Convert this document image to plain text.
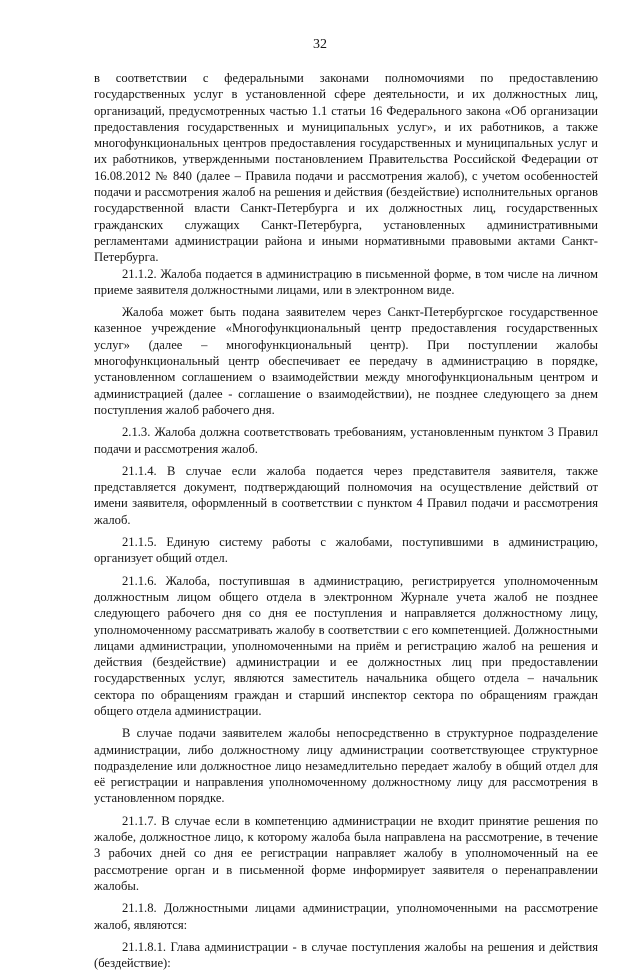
32

в соответствии с федеральными законами полномочиями по предоставлению государственных услуг в установленной сфере деятельности, и их должностных лиц, организаций, предусмотренных частью 1.1 статьи 16 Федерального закона «Об организации предоставления государственных и муниципальных услуг», и их работников, а также многофункциональных центров предоставления государственных и муниципальных услуг и их работников, утвержденными постановлением Правительства Российской Федерации от 16.08.2012 № 840 (далее – Правила подачи и рассмотрения жалоб), с учетом особенностей подачи и рассмотрения жалоб на решения и действия (бездействие) исполнительных органов государственной власти Санкт-Петербурга и их должностных лиц, государственных гражданских служащих Санкт-Петербурга, установленных административными регламентами администрации района и иными нормативными правовыми актами Санкт-Петербурга.

21.1.2. Жалоба подается в администрацию в письменной форме, в том числе на личном приеме заявителя должностными лицами, или в электронном виде.

Жалоба может быть подана заявителем через Санкт-Петербургское государственное казенное учреждение «Многофункциональный центр предоставления государственных услуг» (далее – многофункциональный центр). При поступлении жалобы многофункциональный центр обеспечивает ее передачу в администрацию в порядке, установленном соглашением о взаимодействии между многофункциональным центром и администрацией (далее - соглашение о взаимодействии), не позднее следующего за днем поступления жалоб рабочего дня.

2.1.3. Жалоба должна соответствовать требованиям, установленным пунктом 3 Правил подачи и рассмотрения жалоб.

21.1.4. В случае если жалоба подается через представителя заявителя, также представляется документ, подтверждающий полномочия на осуществление действий от имени заявителя, оформленный в соответствии с пунктом 4 Правил подачи и рассмотрения жалоб.

21.1.5. Единую систему работы с жалобами, поступившими в администрацию, организует общий отдел.

21.1.6. Жалоба, поступившая в администрацию, регистрируется уполномоченным должностным лицом общего отдела в электронном Журнале учета жалоб не позднее следующего рабочего дня со дня ее поступления и направляется должностному лицу, уполномоченному рассматривать жалобу в соответствии с его компетенцией. Должностными лицами администрации, уполномоченными на приём и регистрацию жалоб на решения и действия (бездействие) администрации и ее должностных лиц при предоставлении государственных услуг, являются заместитель начальника общего отдела – начальник сектора по обращениям граждан и старший инспектор сектора по обращениям граждан общего отдела администрации.

В случае подачи заявителем жалобы непосредственно в структурное подразделение администрации, либо должностному лицу администрации соответствующее структурное подразделение или должностное лицо незамедлительно передает жалобу в общий отдел для её регистрации и направления уполномоченному должностному лицу для рассмотрения в установленном порядке.

21.1.7. В случае если в компетенцию администрации не входит принятие решения по жалобе, должностное лицо, к которому жалоба была направлена на рассмотрение, в течение 3 рабочих дней со дня ее регистрации направляет жалобу в уполномоченный на ее рассмотрение орган и в письменной форме информирует заявителя о перенаправлении жалобы.

21.1.8. Должностными лицами администрации, уполномоченными на рассмотрение жалоб, являются:

21.1.8.1. Глава администрации - в случае поступления жалобы на решения и действия (бездействие):
